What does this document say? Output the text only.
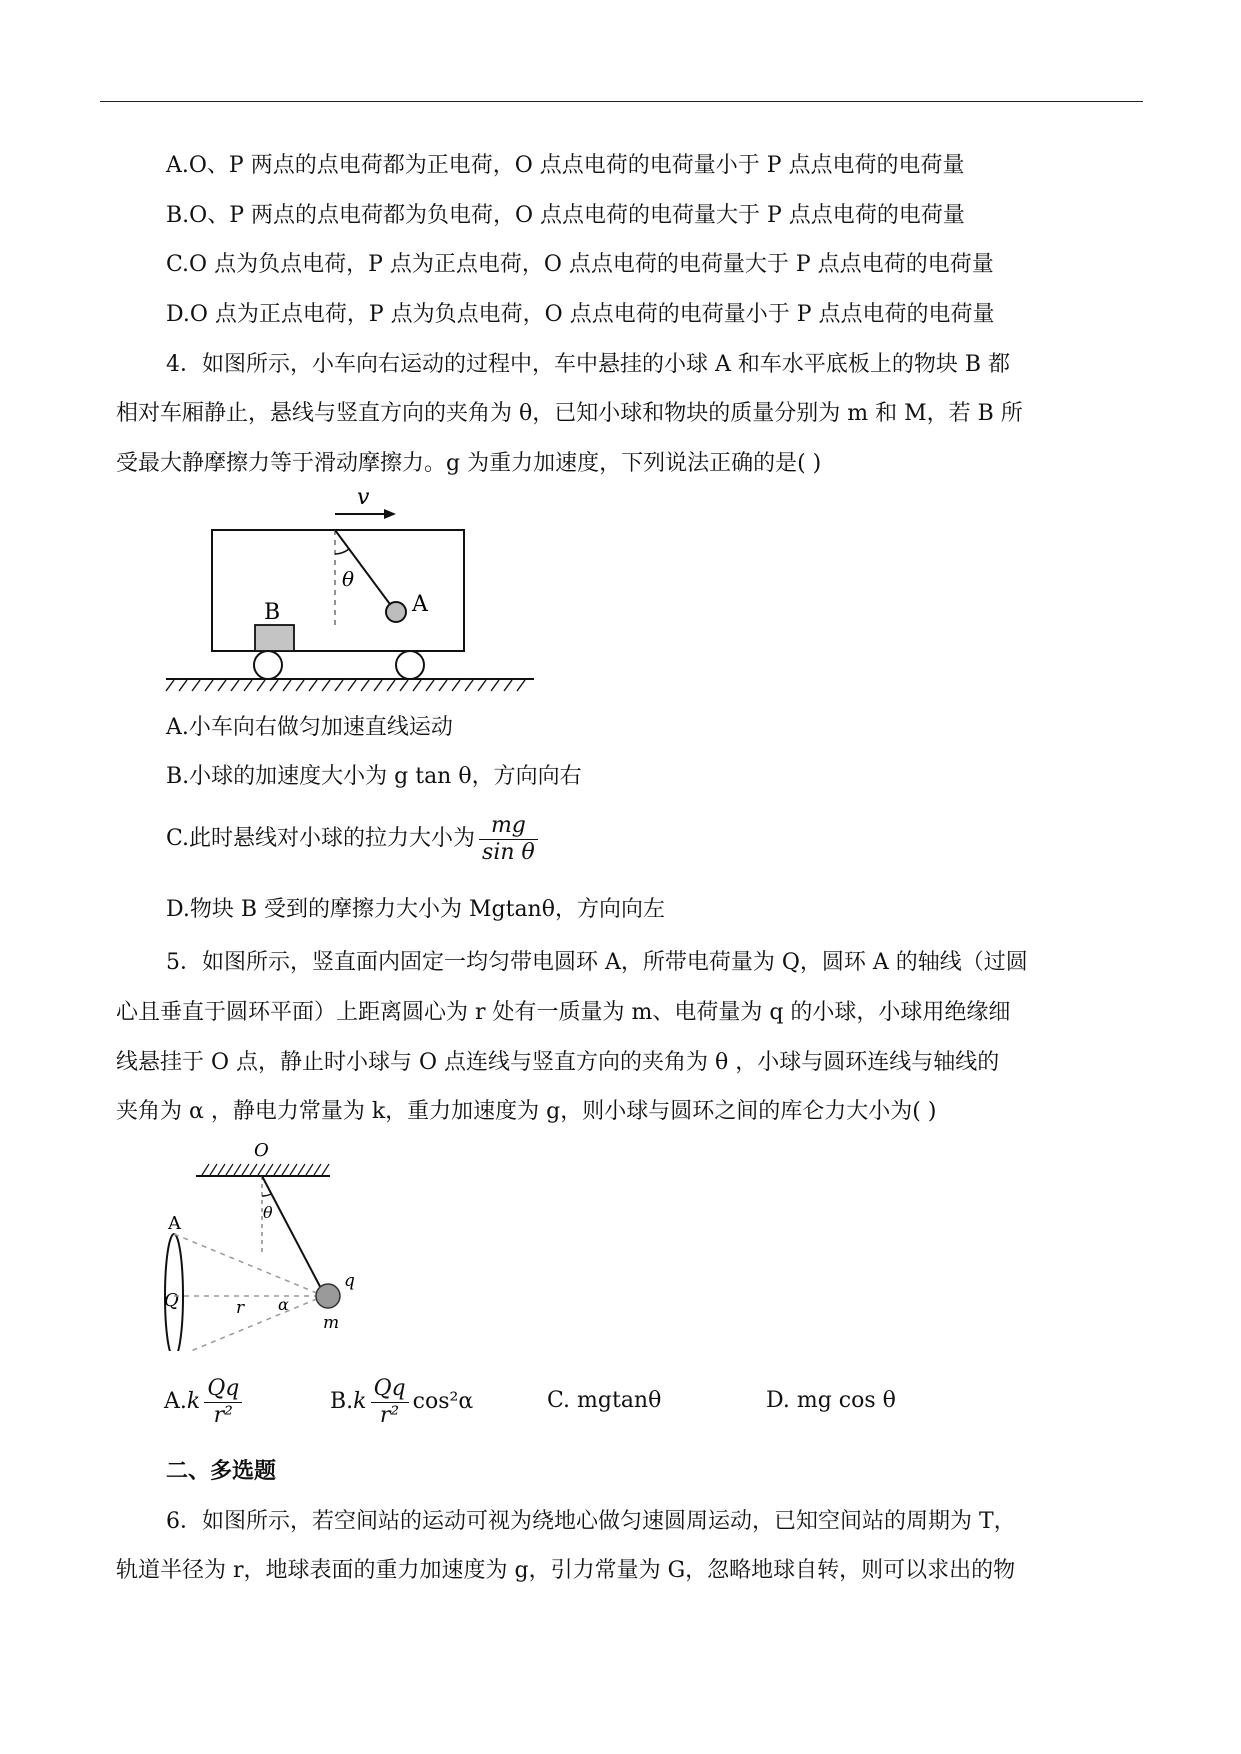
A.O、P 两点的点电荷都为正电荷，O 点点电荷的电荷量小于 P 点点电荷的电荷量
B.O、P 两点的点电荷都为负电荷，O 点点电荷的电荷量大于 P 点点电荷的电荷量
C.O 点为负点电荷，P 点为正点电荷，O 点点电荷的电荷量大于 P 点点电荷的电荷量
D.O 点为正点电荷，P 点为负点电荷，O 点点电荷的电荷量小于 P 点点电荷的电荷量
4．如图所示，小车向右运动的过程中，车中悬挂的小球 A 和车水平底板上的物块 B 都
相对车厢静止，悬线与竖直方向的夹角为 θ，已知小球和物块的质量分别为 m 和 M，若 B 所
受最大静摩擦力等于滑动摩擦力。g 为重力加速度，下列说法正确的是( )
v
θ
A
B
A.小车向右做匀加速直线运动
B.小球的加速度大小为 g tan θ，方向向右
C.此时悬线对小球的拉力大小为 $\frac{mg}{\text{sin θ}}$
D.物块 B 受到的摩擦力大小为 Mgtanθ，方向向左
5．如图所示，竖直面内固定一均匀带电圆环 A，所带电荷量为 Q，圆环 A 的轴线（过圆
心且垂直于圆环平面）上距离圆心为 r 处有一质量为 m、电荷量为 q 的小球，小球用绝缘细
线悬挂于 O 点，静止时小球与 O 点连线与竖直方向的夹角为 θ ，小球与圆环连线与轴线的
夹角为 α ，静电力常量为 k，重力加速度为 g，则小球与圆环之间的库仑力大小为( )
O
θ
A
Q	r α
q
m
$A.k \frac{Qq}{\text{r²}}$	$B.k \frac{Qq}{\text{r²}} \cos^2\alpha$	C. mgtanθ	D. mg cos θ
二、多选题
6．如图所示，若空间站的运动可视为绕地心做匀速圆周运动，已知空间站的周期为 T，
轨道半径为 r，地球表面的重力加速度为 g，引力常量为 G，忽略地球自转，则可以求出的物
